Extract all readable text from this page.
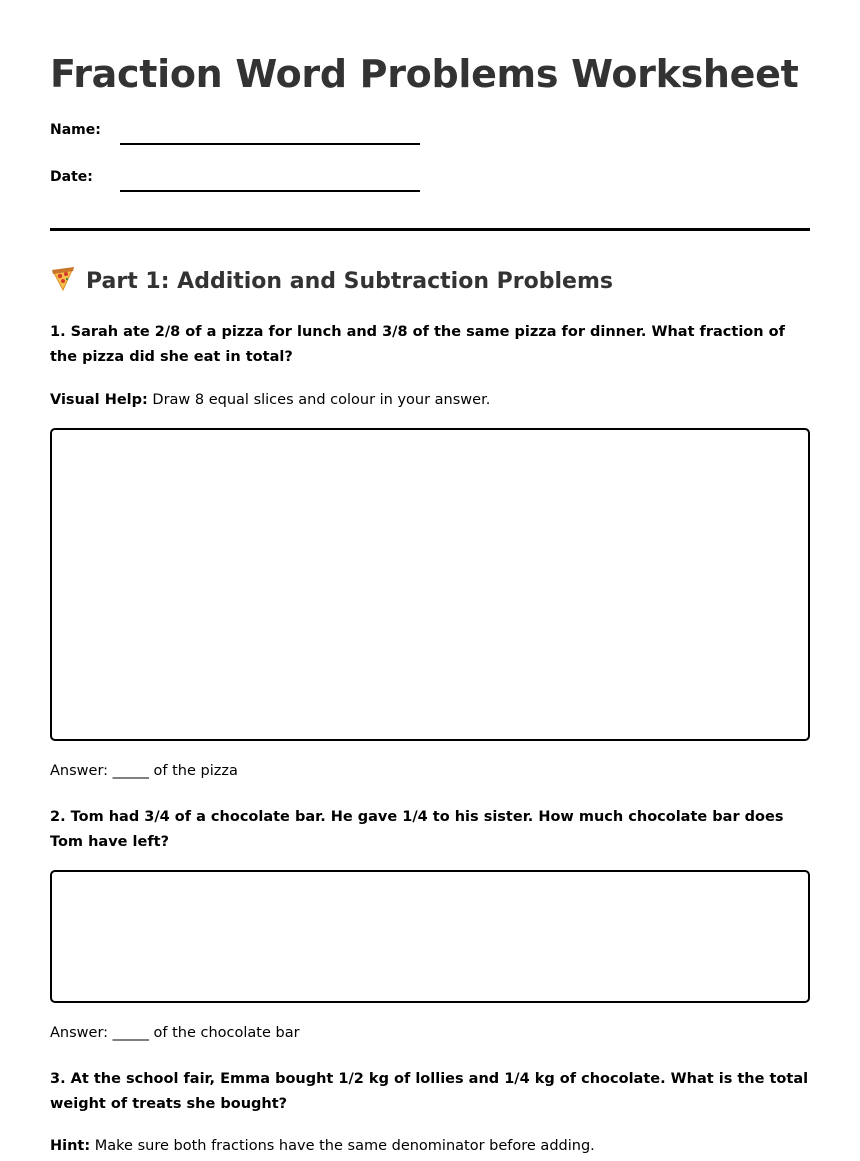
Fraction Word Problems Worksheet
Name:
Date:
Part 1: Addition and Subtraction Problems

1. Sarah ate 2/8 of a pizza for lunch and 3/8 of the same pizza for dinner. What fraction of the pizza did she eat in total?

Visual Help: Draw 8 equal slices and colour in your answer.

Answer: _____ of the pizza

2. Tom had 3/4 of a chocolate bar. He gave 1/4 to his sister. How much chocolate bar does Tom have left?

Answer: _____ of the chocolate bar

3. At the school fair, Emma bought 1/2 kg of lollies and 1/4 kg of chocolate. What is the total weight of treats she bought?

Hint: Make sure both fractions have the same denominator before adding.
